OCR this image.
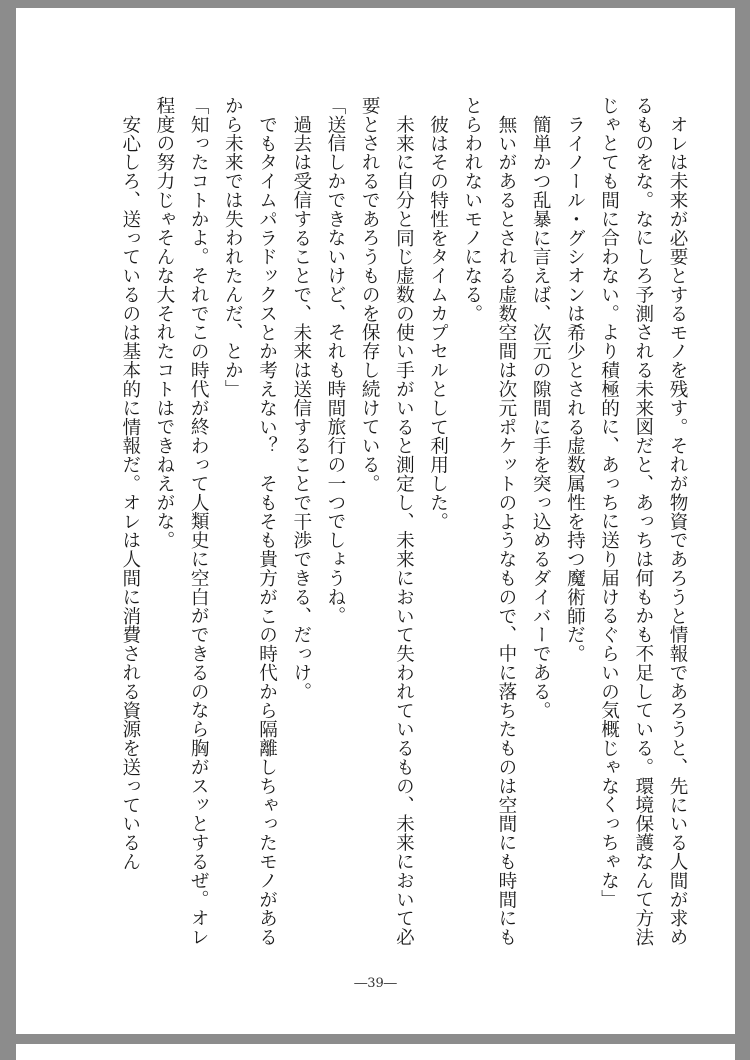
オレは未来が必要とするモノを残す。それが物資であろうと情報であろうと、先にいる人間が求めるものをな。なにしろ予測される未来図だと、あっちは何もかも不足している。環境保護なんて方法じゃとても間に合わない。より積極的に、あっちに送り届けるぐらいの気概じゃなくっちゃな」

ライノール・グシオンは希少とされる虚数属性を持つ魔術師だ。

簡単かつ乱暴に言えば、次元の隙間に手を突っ込めるダイバーである。

無いがあるとされる虚数空間は次元ポケットのようなもので、中に落ちたものは空間にも時間にもとらわれないモノになる。

彼はその特性をタイムカプセルとして利用した。

未来に自分と同じ虚数の使い手がいると測定し、未来において失われているもの、未来において必要とされるであろうものを保存し続けている。

「送信しかできないけど、それも時間旅行の一つでしょうね。

過去は受信することで、未来は送信することで干渉できる、だっけ。

でもタイムパラドックスとか考えない？　そもそも貴方がこの時代から隔離しちゃったモノがあるから未来では失われたんだ、とか」

「知ったコトかよ。それでこの時代が終わって人類史に空白ができるのなら胸がスッとするぜ。オレ程度の努力じゃそんな大それたコトはできねえがな。

安心しろ、送っているのは基本的に情報だ。オレは人間に消費される資源を送っているん

―39―
